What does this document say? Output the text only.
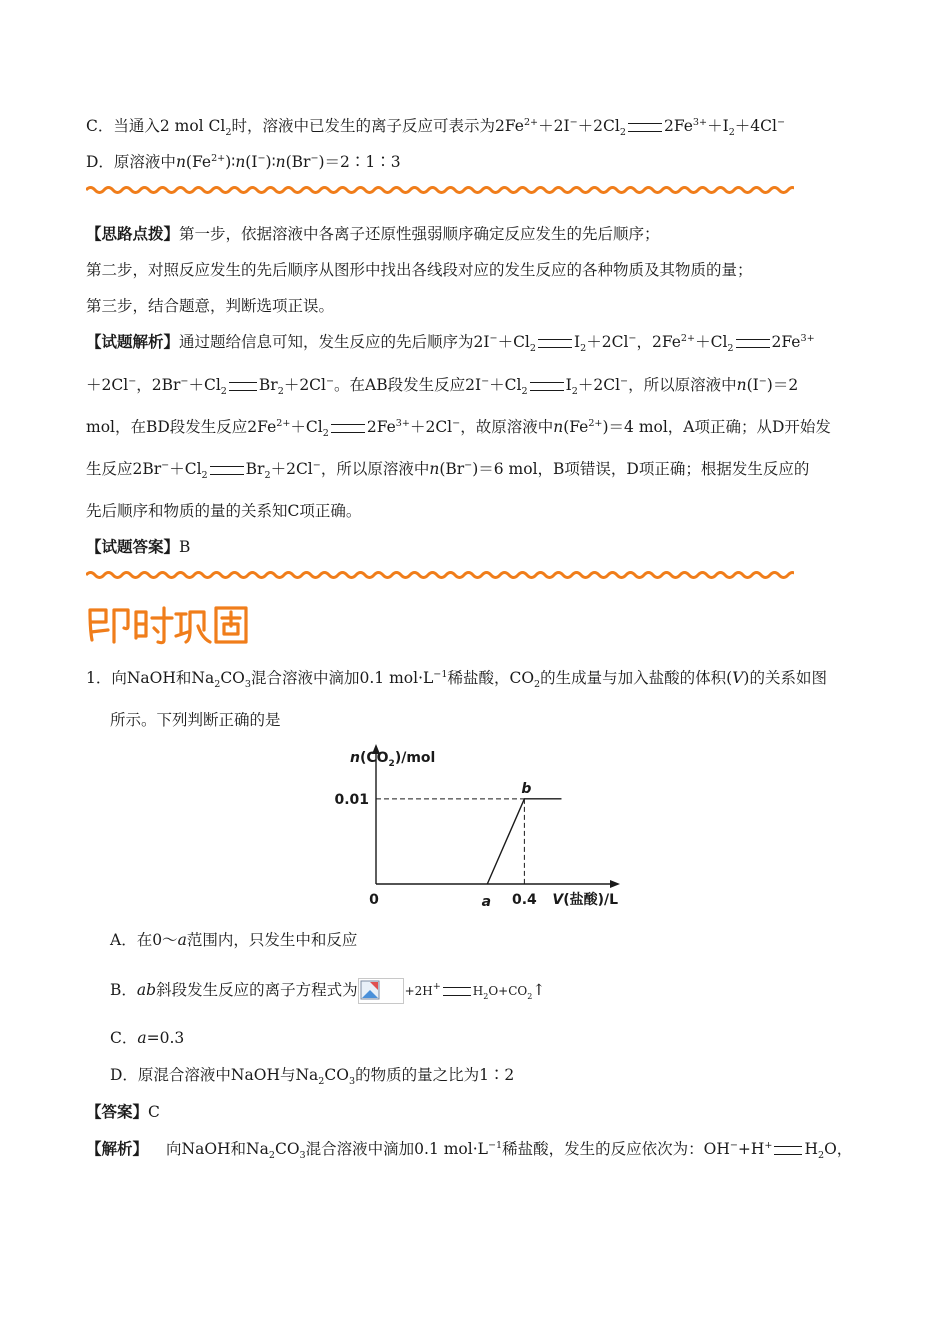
C．当通入2 mol $Cl_2$时，溶液中已发生的离子反应可表示为$2Fe^{2+}+2I^-+2Cl_2$ $2Fe^{3+}+I_2+4Cl^-$
D．原溶液中$n(Fe^{2+})∶n(I^-)∶n(Br^-)=2∶1∶3$
【思路点拨】第一步，依据溶液中各离子还原性强弱顺序确定反应发生的先后顺序；
第二步，对照反应发生的先后顺序从图形中找出各线段对应的发生反应的各种物质及其物质的量；
第三步，结合题意，判断选项正误。
【试题解析】通过题给信息可知，发生反应的先后顺序为$2I^-+Cl_2$ $I_2+2Cl^-$，$2Fe^{2+}+Cl_2$ $2Fe^{3+}$
＋2Cl−，$2Br^-+Cl_2$ $Br_2+2Cl^-$。在AB段发生反应$2I^-+Cl_2$ $I_2+2Cl^-$，所以原溶液中n(I−)＝2
mol，在BD段发生反应$2Fe^{2+}+Cl_2$ $2Fe^{3+}+2Cl^-$，故原溶液中$n(Fe^{2+})=4$ mol，A项正确；从D开始发
生反应$2Br^-+Cl_2$ $Br_2+2Cl^-$，所以原溶液中n(Br−)＝6 mol，B项错误，D项正确；根据发生反应的
先后顺序和物质的量的关系知C项正确。
【试题答案】B
1．向NaOH和$Na_2CO_3$混合溶液中滴加0.1 $mol\cdot L^{-1}$稀盐酸，$CO_2$的生成量与加入盐酸的体积(V)的关系如图
所示。下列判断正确的是
$n(CO_2)$/mol
0.01
0	a 0.4
b
V(盐酸)/L
A．在0～a范围内，只发生中和反应
B．ab斜段发生反应的离子方程式为	+2H+	$H_2O+CO_2↑$
C．a=0.3
D．原混合溶液中NaOH与$Na_2CO_3$的物质的量之比为1∶2
【答案】C
【解析】 向NaOH和$Na_2CO_3$混合溶液中滴加0.1 $mol\cdot L^{-1}$稀盐酸，发生的反应依次为：OH−+H+ $H_2O$，
